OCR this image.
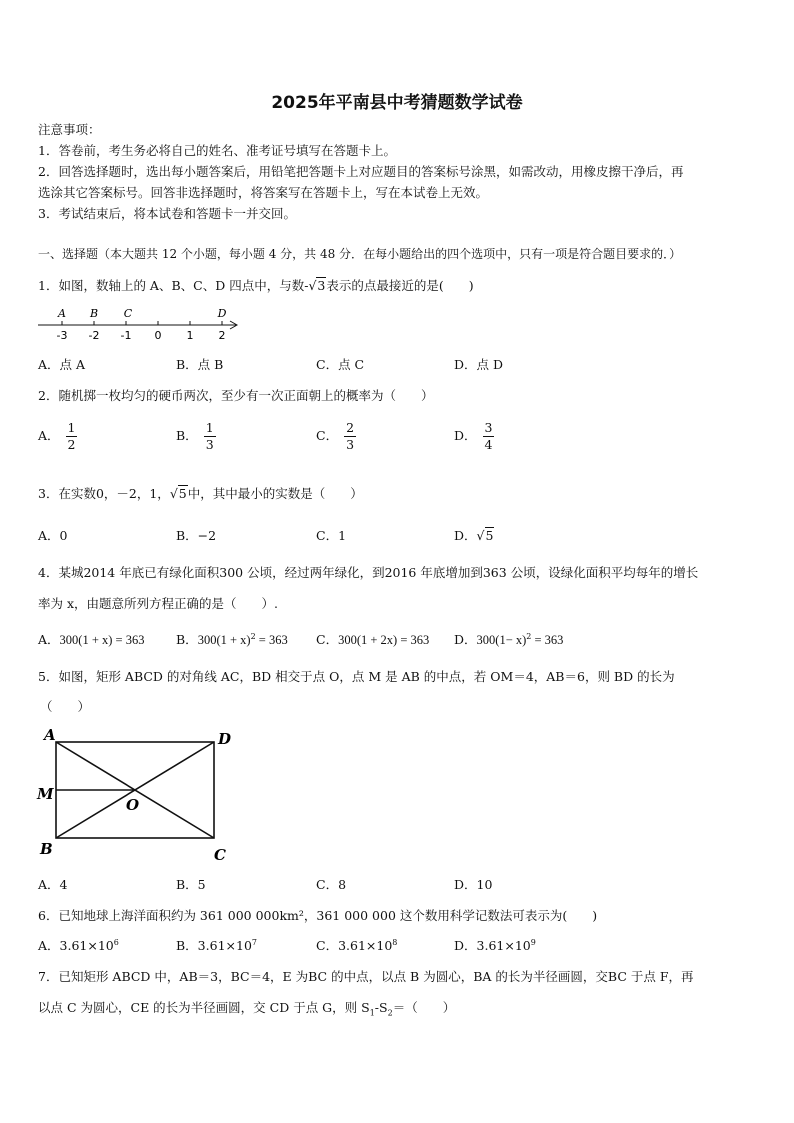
2025年平南县中考猜题数学试卷
注意事项：
1．答卷前，考生务必将自己的姓名、准考证号填写在答题卡上。
2．回答选择题时，选出每小题答案后，用铅笔把答题卡上对应题目的答案标号涂黑，如需改动，用橡皮擦干净后，再
选涂其它答案标号。回答非选择题时，将答案写在答题卡上，写在本试卷上无效。
3．考试结束后，将本试卷和答题卡一并交回。
一、选择题（本大题共 12 个小题，每小题 4 分，共 48 分．在每小题给出的四个选项中，只有一项是符合题目要求的．）
1．如图，数轴上的 A、B、C、D 四点中，与数-√3表示的点最接近的是(　　)
A B C	D
-3 -2 -1 0 1 2
A．点 A	B．点 B	C．点 C	D．点 D
2．随机掷一枚均匀的硬币两次，至少有一次正面朝上的概率为（　　）
A． $\frac{1}{2}$	B． $\frac{1}{3}$	C． $\frac{2}{3}$	D． $\frac{3}{4}$
3．在实数0，－2，1，√5中，其中最小的实数是（　　）
A．0	B．−2	C．1	D．√5
4．某城2014 年底已有绿化面积300 公顷，经过两年绿化，到2016 年底增加到363 公顷，设绿化面积平均每年的增长
率为 x，由题意所列方程正确的是（　　）.
A．300(1 + x) = 363	B．$300(1 + x)^2 = 363$ C．300(1 + 2x) = 363 D．$300(1- x)^2 = 363$
5．如图，矩形 ABCD 的对角线 AC，BD 相交于点 O，点 M 是 AB 的中点，若 OM＝4，AB＝6，则 BD 的长为
（　　）
A	D
M
O
B	C
A．4	B．5	C．8	D．10
6．已知地球上海洋面积约为 361 000 000km²，361 000 000 这个数用科学记数法可表示为(　　)
A．$3.61\times 10^6$	B．$3.61\times 10^7$	C．$3.61\times 10^8$	D．$3.61\times 10^9$
7．已知矩形 ABCD 中，AB＝3，BC＝4，E 为BC 的中点，以点 B 为圆心，BA 的长为半径画圆，交BC 于点 F，再
以点 C 为圆心，CE 的长为半径画圆，交 CD 于点 G，则 $S_1-S_2=$（　　）
